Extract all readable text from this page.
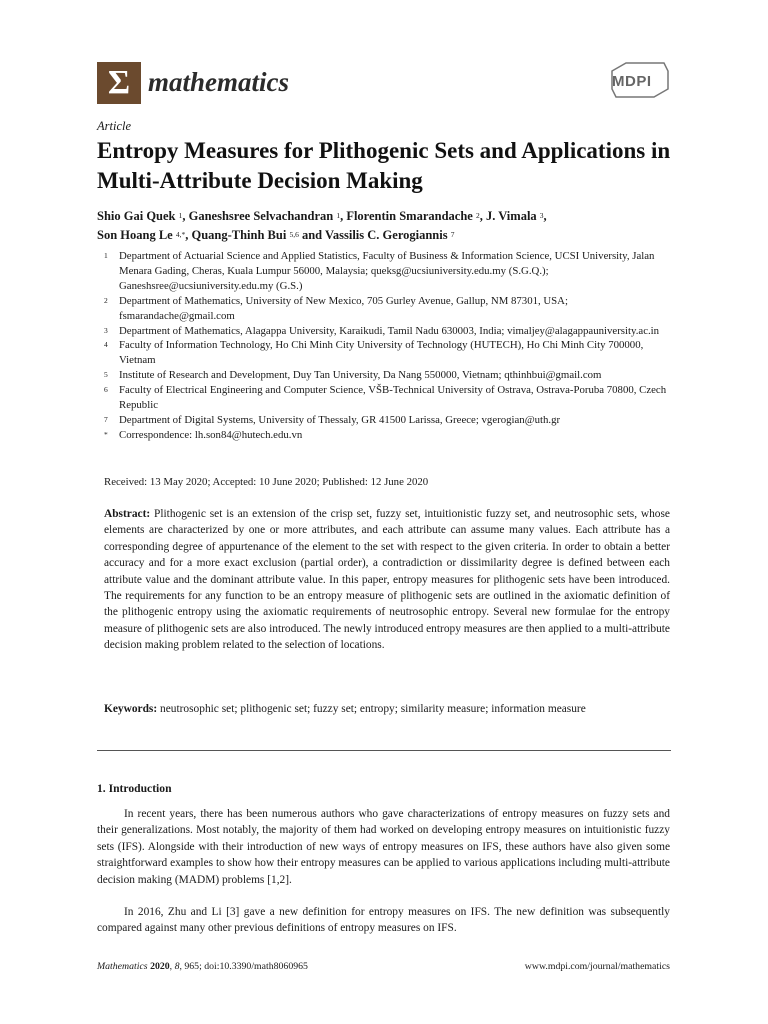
Σ mathematics	MDPI
Article
Entropy Measures for Plithogenic Sets and Applications in Multi-Attribute Decision Making
Shio Gai Quek $^1$, Ganeshsree Selvachandran $^1$, Florentin Smarandache $^2$, J. Vimala $^3$,
Son Hoang Le $^{4,*}$, Quang-Thinh Bui $^{5,6}$ and Vassilis C. Gerogiannis $^7$
1 Department of Actuarial Science and Applied Statistics, Faculty of Business & Information Science, UCSI University, Jalan Menara Gading, Cheras, Kuala Lumpur 56000, Malaysia; queksg@ucsiuniversity.edu.my (S.G.Q.); Ganeshsree@ucsiuniversity.edu.my (G.S.)
2 Department of Mathematics, University of New Mexico, 705 Gurley Avenue, Gallup, NM 87301, USA; fsmarandache@gmail.com
3 Department of Mathematics, Alagappa University, Karaikudi, Tamil Nadu 630003, India; vimaljey@alagappauniversity.ac.in
4 Faculty of Information Technology, Ho Chi Minh City University of Technology (HUTECH), Ho Chi Minh City 700000, Vietnam
5 Institute of Research and Development, Duy Tan University, Da Nang 550000, Vietnam; qthinhbui@gmail.com
6 Faculty of Electrical Engineering and Computer Science, VŠB-Technical University of Ostrava, Ostrava-Poruba 70800, Czech Republic
7 Department of Digital Systems, University of Thessaly, GR 41500 Larissa, Greece; vgerogian@uth.gr
* Correspondence: lh.son84@hutech.edu.vn
Received: 13 May 2020; Accepted: 10 June 2020; Published: 12 June 2020
Abstract: Plithogenic set is an extension of the crisp set, fuzzy set, intuitionistic fuzzy set, and neutrosophic sets, whose elements are characterized by one or more attributes, and each attribute can assume many values. Each attribute has a corresponding degree of appurtenance of the element to the set with respect to the given criteria. In order to obtain a better accuracy and for a more exact exclusion (partial order), a contradiction or dissimilarity degree is defined between each attribute value and the dominant attribute value. In this paper, entropy measures for plithogenic sets have been introduced. The requirements for any function to be an entropy measure of plithogenic sets are outlined in the axiomatic definition of the plithogenic entropy using the axiomatic requirements of neutrosophic entropy. Several new formulae for the entropy measure of plithogenic sets are also introduced. The newly introduced entropy measures are then applied to a multi-attribute decision making problem related to the selection of locations.
Keywords: neutrosophic set; plithogenic set; fuzzy set; entropy; similarity measure; information measure
1. Introduction
In recent years, there has been numerous authors who gave characterizations of entropy measures on fuzzy sets and their generalizations. Most notably, the majority of them had worked on developing entropy measures on intuitionistic fuzzy sets (IFS). Alongside with their introduction of new ways of entropy measures on IFS, these authors have also given some straightforward examples to show how their entropy measures can be applied to various applications including multi-attribute decision making (MADM) problems [1,2].
In 2016, Zhu and Li [3] gave a new definition for entropy measures on IFS. The new definition was subsequently compared against many other previous definitions of entropy measures on IFS.
Mathematics 2020, 8, 965; doi:10.3390/math8060965	www.mdpi.com/journal/mathematics
